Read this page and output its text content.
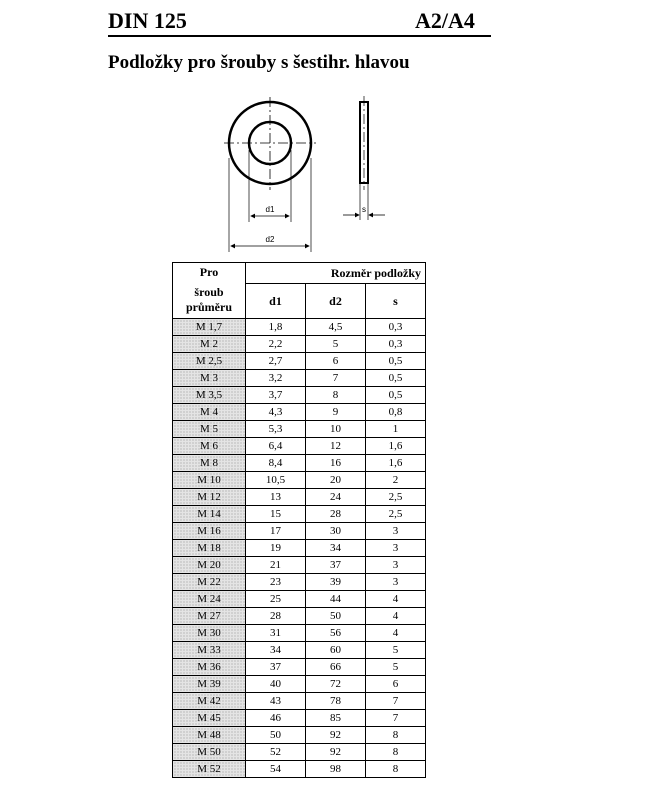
DIN 125	A2/A4
Podložky pro šrouby s šestihr. hlavou
d1
d2
s
Pro
šroub
průměru	Rozměr podložky		
	d1	d2	s
M 1,7	1,8	4,5	0,3
M 2	2,2	5	0,3
M 2,5	2,7	6	0,5
M 3	3,2	7	0,5
M 3,5	3,7	8	0,5
M 4	4,3	9	0,8
M 5	5,3	10	1
M 6	6,4	12	1,6
M 8	8,4	16	1,6
M 10	10,5	20	2
M 12	13	24	2,5
M 14	15	28	2,5
M 16	17	30	3
M 18	19	34	3
M 20	21	37	3
M 22	23	39	3
M 24	25	44	4
M 27	28	50	4
M 30	31	56	4
M 33	34	60	5
M 36	37	66	5
M 39	40	72	6
M 42	43	78	7
M 45	46	85	7
M 48	50	92	8
M 50	52	92	8
M 52	54	98	8
